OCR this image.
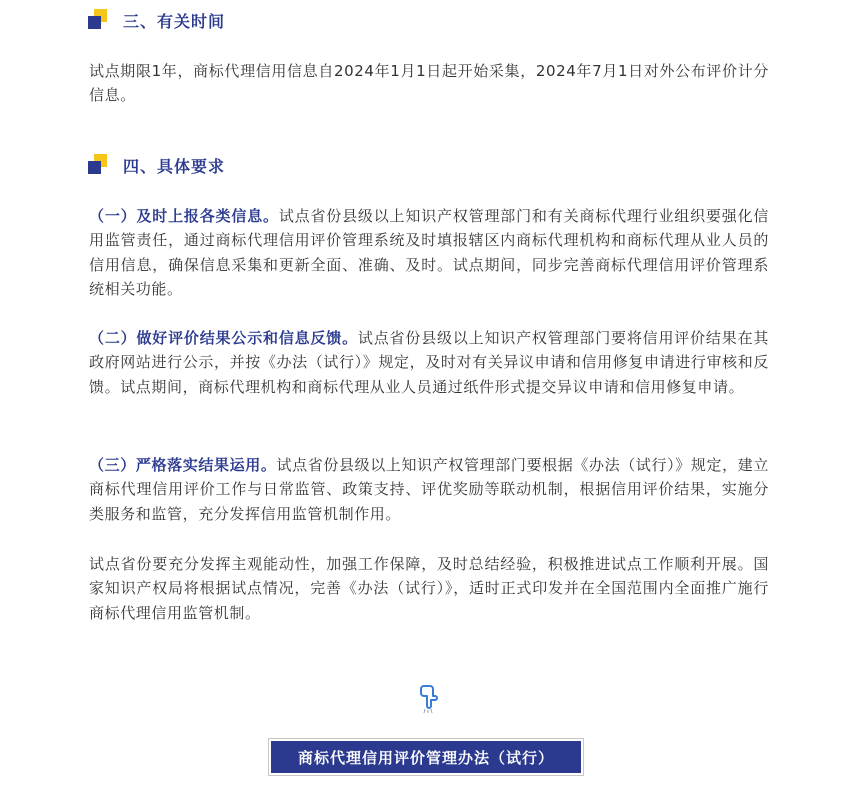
三、有关时间

试点期限1年，商标代理信用信息自2024年1月1日起开始采集，2024年7月1日对外公布评价计分信息。

四、具体要求

（一）及时上报各类信息。试点省份县级以上知识产权管理部门和有关商标代理行业组织要强化信用监管责任，通过商标代理信用评价管理系统及时填报辖区内商标代理机构和商标代理从业人员的信用信息，确保信息采集和更新全面、准确、及时。试点期间，同步完善商标代理信用评价管理系统相关功能。

（二）做好评价结果公示和信息反馈。试点省份县级以上知识产权管理部门要将信用评价结果在其政府网站进行公示，并按《办法（试行）》规定，及时对有关异议申请和信用修复申请进行审核和反馈。试点期间，商标代理机构和商标代理从业人员通过纸件形式提交异议申请和信用修复申请。

（三）严格落实结果运用。试点省份县级以上知识产权管理部门要根据《办法（试行）》规定，建立商标代理信用评价工作与日常监管、政策支持、评优奖励等联动机制，根据信用评价结果，实施分类服务和监管，充分发挥信用监管机制作用。

试点省份要充分发挥主观能动性，加强工作保障，及时总结经验，积极推进试点工作顺利开展。国家知识产权局将根据试点情况，完善《办法（试行）》，适时正式印发并在全国范围内全面推广施行商标代理信用监管机制。

商标代理信用评价管理办法（试行）
